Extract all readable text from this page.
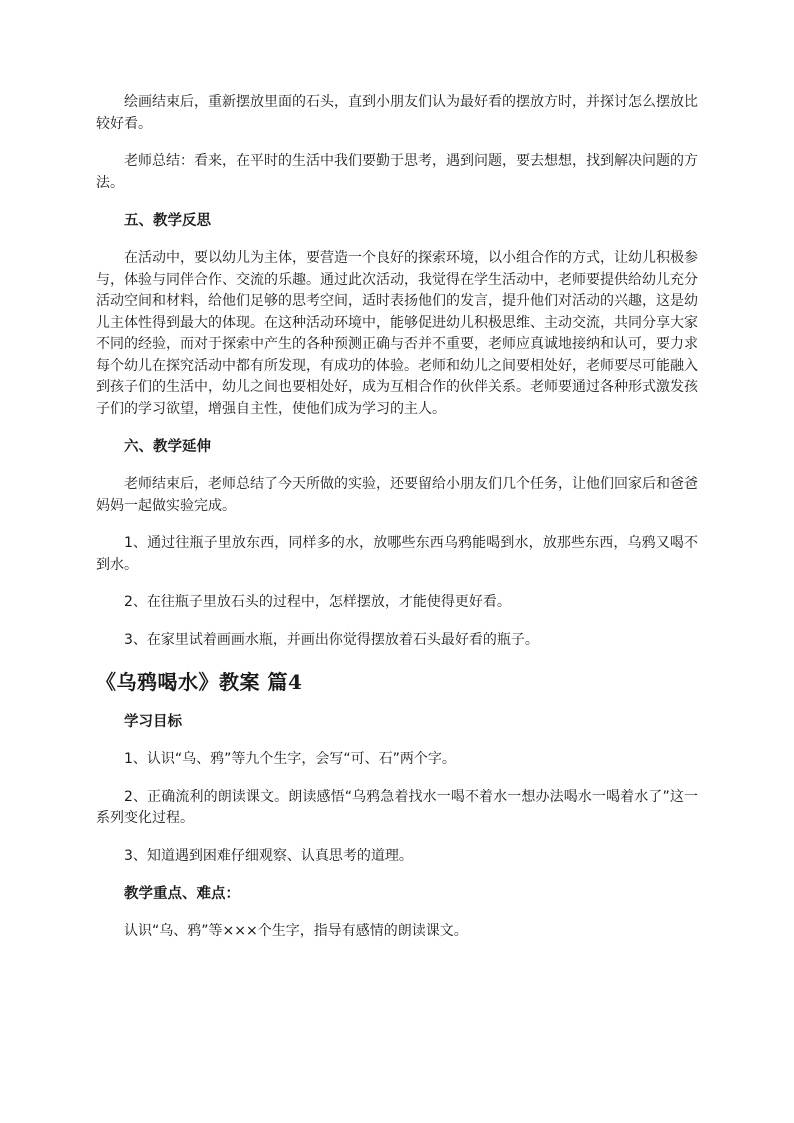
绘画结束后，重新摆放里面的石头，直到小朋友们认为最好看的摆放方时，并探讨怎么摆放比较好看。

老师总结：看来，在平时的生活中我们要勤于思考，遇到问题，要去想想，找到解决问题的方法。

五、教学反思

在活动中，要以幼儿为主体，要营造一个良好的探索环境，以小组合作的方式，让幼儿积极参与，体验与同伴合作、交流的乐趣。通过此次活动，我觉得在学生活动中，老师要提供给幼儿充分活动空间和材料，给他们足够的思考空间，适时表扬他们的发言，提升他们对活动的兴趣，这是幼儿主体性得到最大的体现。在这种活动环境中，能够促进幼儿积极思维、主动交流，共同分享大家不同的经验，而对于探索中产生的各种预测正确与否并不重要，老师应真诚地接纳和认可，要力求每个幼儿在探究活动中都有所发现，有成功的体验。老师和幼儿之间要相处好，老师要尽可能融入到孩子们的生活中，幼儿之间也要相处好，成为互相合作的伙伴关系。老师要通过各种形式激发孩子们的学习欲望，增强自主性，使他们成为学习的主人。

六、教学延伸

老师结束后，老师总结了今天所做的实验，还要留给小朋友们几个任务，让他们回家后和爸爸妈妈一起做实验完成。

1、通过往瓶子里放东西，同样多的水，放哪些东西乌鸦能喝到水，放那些东西，乌鸦又喝不到水。

2、在往瓶子里放石头的过程中，怎样摆放，才能使得更好看。

3、在家里试着画画水瓶，并画出你觉得摆放着石头最好看的瓶子。

《乌鸦喝水》教案 篇4

学习目标

1、认识“乌、鸦”等九个生字，会写“可、石”两个字。

2、正确流利的朗读课文。朗读感悟“乌鸦急着找水一喝不着水一想办法喝水一喝着水了”这一系列变化过程。

3、知道遇到困难仔细观察、认真思考的道理。

教学重点、难点：

认识“乌、鸦”等×××个生字，指导有感情的朗读课文。
